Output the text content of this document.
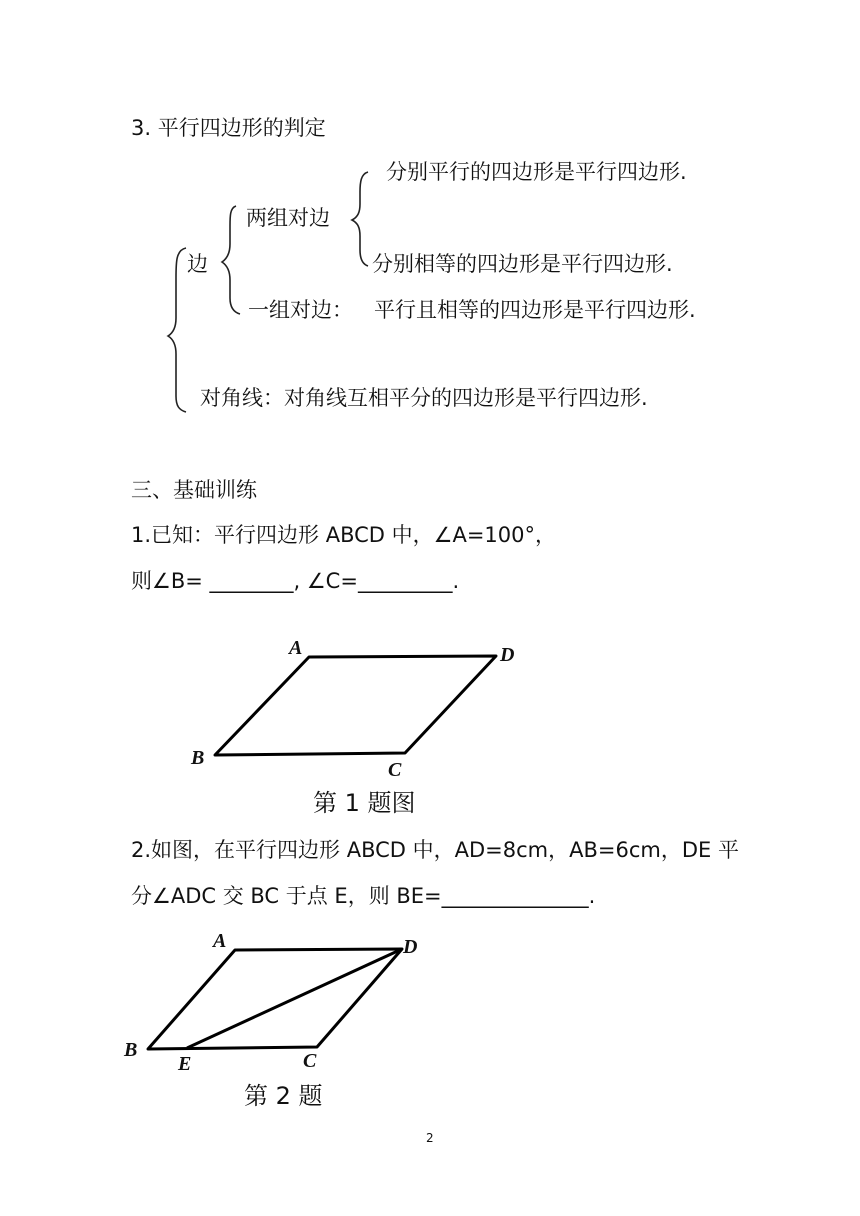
3. 平行四边形的判定
分别平行的四边形是平行四边形.
两组对边
边	分别相等的四边形是平行四边形.
一组对边： 平行且相等的四边形是平行四边形.
对角线：对角线互相平分的四边形是平行四边形.
三、基础训练
1.已知：平行四边形 ABCD 中，∠A=100°，
则∠B= ________, ∠C=_________.
A	D
B
C
第 1 题图
2.如图，在平行四边形 ABCD 中，AD=8cm，AB=6cm，DE 平
分∠ADC 交 BC 于点 E，则 BE=______________.
A	D
B
E	C
第 2 题
2
